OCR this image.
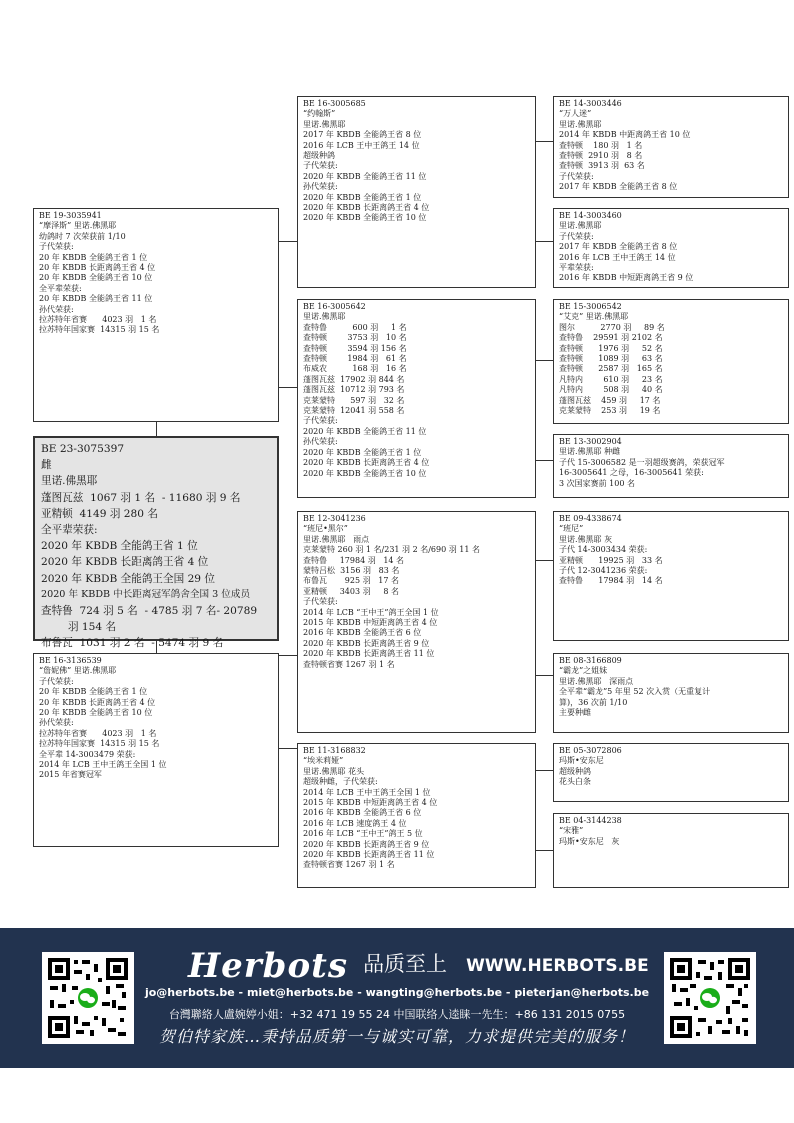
BE 19-3035941
“摩泽斯” 里诺.佛黑耶
幼鸽时 7 次荣获前 1/10
子代荣获:
20 年 KBDB 全能鸽王省 1 位
20 年 KBDB 长距离鸽王省 4 位
20 年 KBDB 全能鸽王省 10 位
全平辈荣获:
20 年 KBDB 全能鸽王省 11 位
孙代荣获:
拉苏特年省赛      4023 羽   1 名
拉苏特年国家赛  14315 羽 15 名
BE 23-3075397
雌
里诺.佛黑耶
蓬图瓦兹  1067 羽 1 名  - 11680 羽 9 名
亚精顿  4149 羽 280 名
全平辈荣获:
2020 年 KBDB 全能鸽王省 1 位
2020 年 KBDB 长距离鸽王省 4 位
2020 年 KBDB 全能鸽王全国 29 位
2020 年 KBDB 中长距离冠军鸽舍全国 3 位成员
查特鲁  724 羽 5 名  - 4785 羽 7 名- 20789
羽 154 名
布鲁瓦  1031 羽 2 名  - 5474 羽 9 名
BE 16-3136539
“詹妮佛” 里诺.佛黑耶
子代荣获:
20 年 KBDB 全能鸽王省 1 位
20 年 KBDB 长距离鸽王省 4 位
20 年 KBDB 全能鸽王省 10 位
孙代荣获:
拉苏特年省赛      4023 羽   1 名
拉苏特年国家赛  14315 羽 15 名
全平辈 14-3003479 荣获:
2014 年 LCB 王中王鸽王全国 1 位
2015 年省赛冠军
BE 16-3005685
“约翰斯”
里诺.佛黑耶
2017 年 KBDB 全能鸽王省 8 位
2016 年 LCB 王中王鸽王 14 位
超级种鸽
子代荣获:
2020 年 KBDB 全能鸽王省 11 位
孙代荣获:
2020 年 KBDB 全能鸽王省 1 位
2020 年 KBDB 长距离鸽王省 4 位
2020 年 KBDB 全能鸽王省 10 位
BE 16-3005642
里诺.佛黑耶
查特鲁          600 羽     1 名
查特顿        3753 羽   10 名
查特顿        3594 羽 156 名
查特顿        1984 羽   61 名
布威农          168 羽   16 名
蓬图瓦兹  17902 羽 844 名
蓬图瓦兹  10712 羽 793 名
克莱蒙特      597 羽   32 名
克莱蒙特  12041 羽 558 名
子代荣获:
2020 年 KBDB 全能鸽王省 11 位
孙代荣获:
2020 年 KBDB 全能鸽王省 1 位
2020 年 KBDB 长距离鸽王省 4 位
2020 年 KBDB 全能鸽王省 10 位
BE 12-3041236
“班尼•黑尔”
里诺.佛黑耶   雨点
克莱蒙特 260 羽 1 名/231 羽 2 名/690 羽 11 名
查特鲁     17984 羽   14 名
蒙特吕松  3156 羽   83 名
布鲁瓦       925 羽   17 名
亚精顿     3403 羽     8 名
子代荣获:
2014 年 LCB “王中王”鸽王全国 1 位
2015 年 KBDB 中短距离鸽王省 4 位
2016 年 KBDB 全能鸽王省 6 位
2020 年 KBDB 长距离鸽王省 9 位
2020 年 KBDB 长距离鸽王省 11 位
查特顿省赛 1267 羽 1 名
BE 11-3168832
“埃米莉娅”
里诺.佛黑耶 花头
超级种雌，子代荣获:
2014 年 LCB 王中王鸽王全国 1 位
2015 年 KBDB 中短距离鸽王省 4 位
2016 年 KBDB 全能鸽王省 6 位
2016 年 LCB 速度鸽王 4 位
2016 年 LCB “王中王”鸽王 5 位
2020 年 KBDB 长距离鸽王省 9 位
2020 年 KBDB 长距离鸽王省 11 位
查特顿省赛 1267 羽 1 名
BE 14-3003446
“万人迷”
里诺.佛黑耶
2014 年 KBDB 中距离鸽王省 10 位
查特顿    180 羽   1 名
查特顿  2910 羽   8 名
查特顿  3913 羽  63 名
子代荣获:
2017 年 KBDB 全能鸽王省 8 位
BE 14-3003460
里诺.佛黑耶
子代荣获:
2017 年 KBDB 全能鸽王省 8 位
2016 年 LCB 王中王鸽王 14 位
平辈荣获:
2016 年 KBDB 中短距离鸽王省 9 位
BE 15-3006542
“艾克” 里诺.佛黑耶
图尔          2770 羽     89 名
查特鲁    29591 羽 2102 名
查特顿      1976 羽     52 名
查特顿      1089 羽     63 名
查特顿      2587 羽   165 名
凡特内        610 羽     23 名
凡特内        508 羽     40 名
蓬图瓦兹    459 羽     17 名
克莱蒙特    253 羽     19 名
BE 13-3002904
里诺.佛黑耶 种雌
子代 15-3006582 是一羽超级赛鸽，荣获冠军
16-3005641 之母，16-3005641 荣获:
3 次国家赛前 100 名
BE 09-4338674
“班尼”
里诺.佛黑耶 灰
子代 14-3003434 荣获:
亚精顿      19925 羽   33 名
子代 12-3041236 荣获:
查特鲁      17984 羽   14 名
BE 08-3166809
“霸龙”之姐妹
里诺.佛黑耶   深雨点
全平辈“霸龙”5 年里 52 次入赏（无重复计
算)，36 次前 1/10
主要种雌
BE 05-3072806
玛斯•安东尼
超级种鸽
花头白条
BE 04-3144238
“宋雅”
玛斯•安东尼   灰
Herbots 品质至上 WWW.HERBOTS.BE
jo@herbots.be - miet@herbots.be - wangting@herbots.be - pieterjan@herbots.be
台灣聯絡人盧婉婷小姐：+32 471 19 55 24 中国联络人逵睐一先生：+86 131 2015 0755
贺伯特家族…秉持品质第一与诚实可靠，力求提供完美的服务！
